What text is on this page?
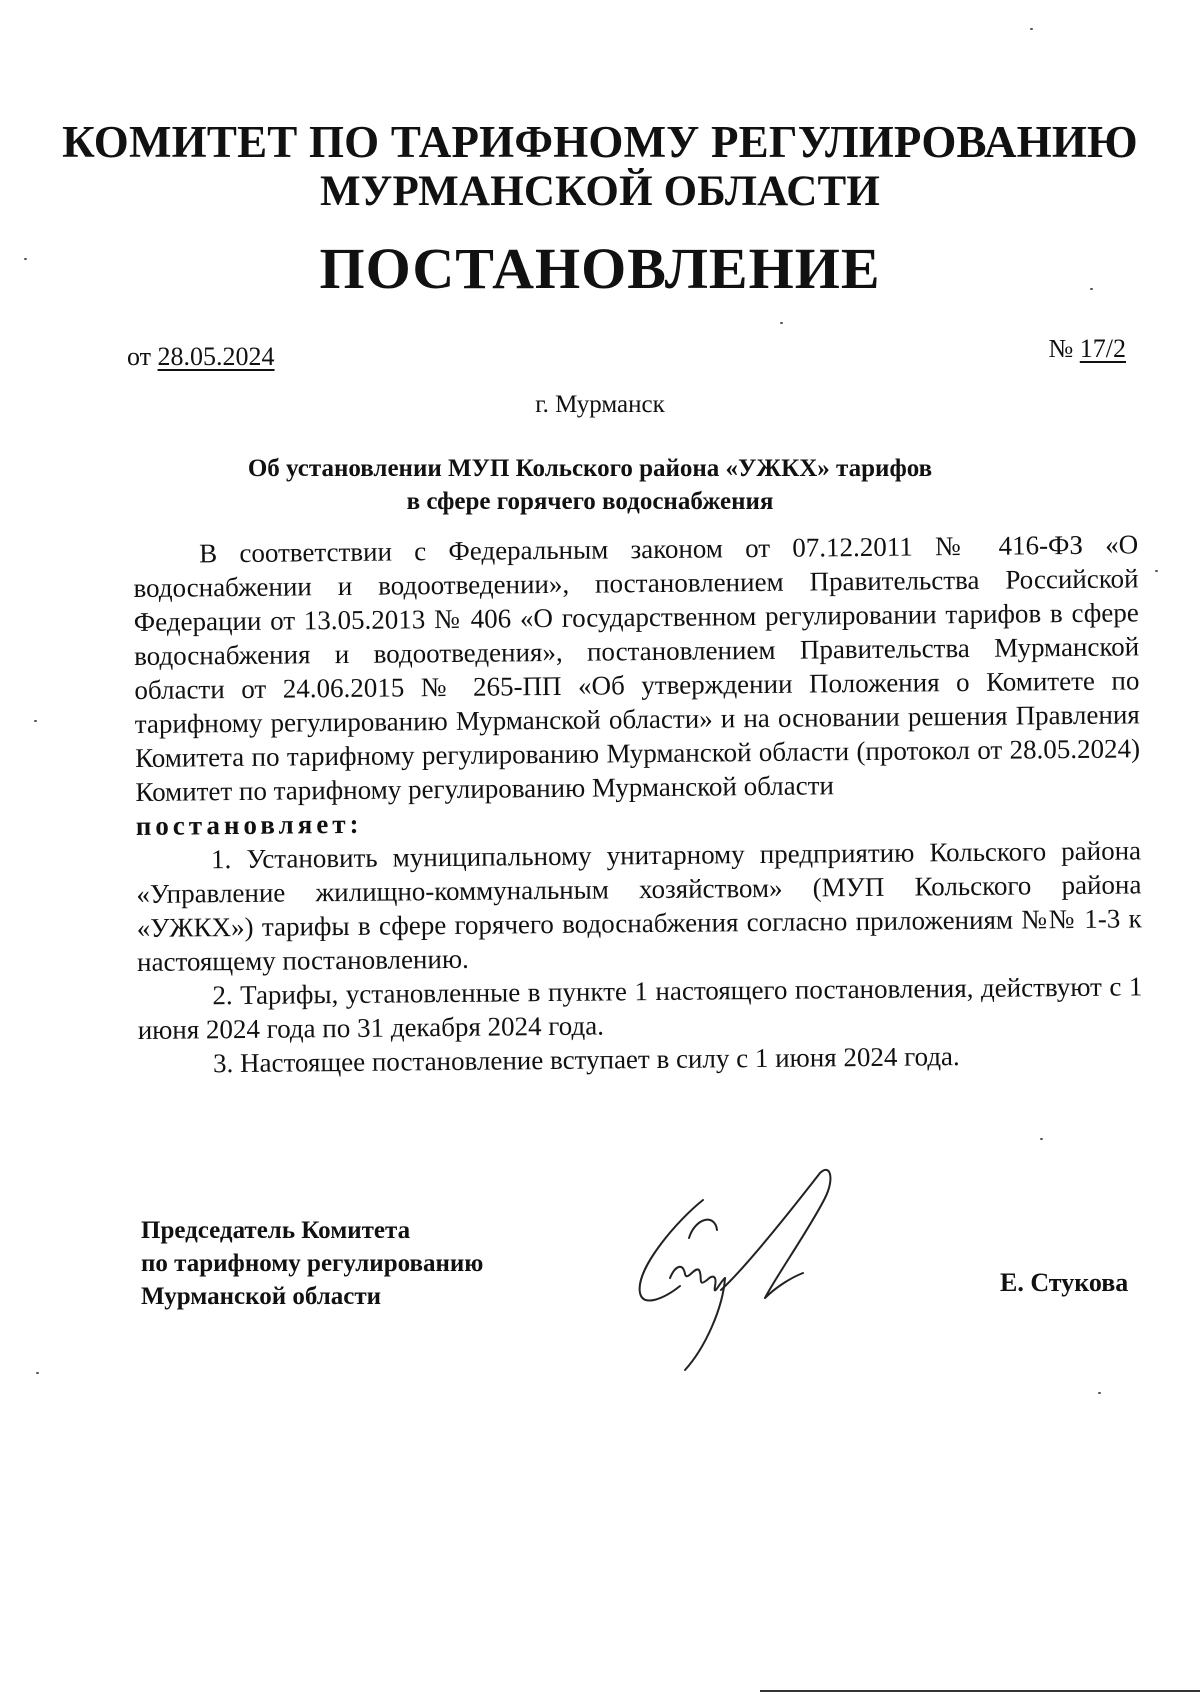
КОМИТЕТ ПО ТАРИФНОМУ РЕГУЛИРОВАНИЮ
МУРМАНСКОЙ ОБЛАСТИ
ПОСТАНОВЛЕНИЕ
от 28.05.2024	№ 17/2
г. Мурманск
Об установлении МУП Кольского района «УЖКХ» тарифов
в сфере горячего водоснабжения

В соответствии с Федеральным законом от 07.12.2011 № 416-ФЗ «О водоснабжении и водоотведении», постановлением Правительства Российской Федерации от 13.05.2013 № 406 «О государственном регулировании тарифов в сфере водоснабжения и водоотведения», постановлением Правительства Мурманской области от 24.06.2015 № 265-ПП «Об утверждении Положения о Комитете по тарифному регулированию Мурманской области» и на основании решения Правления Комитета по тарифному регулированию Мурманской области (протокол от 28.05.2024) Комитет по тарифному регулированию Мурманской области

постановляет:

1. Установить муниципальному унитарному предприятию Кольского района «Управление жилищно-коммунальным хозяйством» (МУП Кольского района «УЖКХ») тарифы в сфере горячего водоснабжения согласно приложениям №№ 1-3 к настоящему постановлению.

2. Тарифы, установленные в пункте 1 настоящего постановления, действуют с 1 июня 2024 года по 31 декабря 2024 года.

3. Настоящее постановление вступает в силу с 1 июня 2024 года.

Председатель Комитета
по тарифному регулированию
Мурманской области	Е. Стукова
